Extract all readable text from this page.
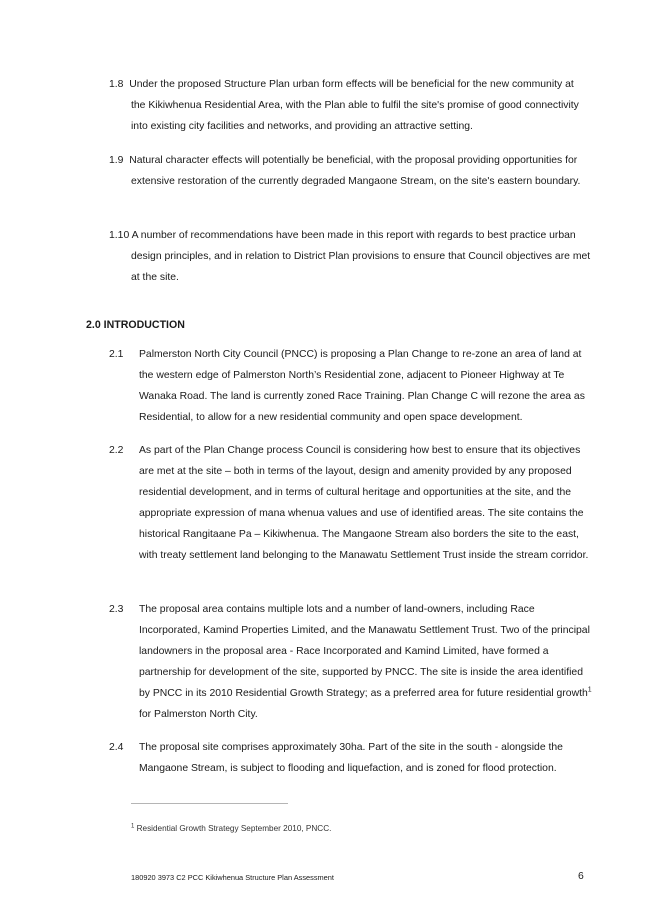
1.8 Under the proposed Structure Plan urban form effects will be beneficial for the new community at the Kikiwhenua Residential Area, with the Plan able to fulfil the site's promise of good connectivity into existing city facilities and networks, and providing an attractive setting.
1.9 Natural character effects will potentially be beneficial, with the proposal providing opportunities for extensive restoration of the currently degraded Mangaone Stream, on the site's eastern boundary.
1.10 A number of recommendations have been made in this report with regards to best practice urban design principles, and in relation to District Plan provisions to ensure that Council objectives are met at the site.
2.0 INTRODUCTION
2.1 Palmerston North City Council (PNCC) is proposing a Plan Change to re-zone an area of land at the western edge of Palmerston North’s Residential zone, adjacent to Pioneer Highway at Te Wanaka Road. The land is currently zoned Race Training. Plan Change C will rezone the area as Residential, to allow for a new residential community and open space development.
2.2 As part of the Plan Change process Council is considering how best to ensure that its objectives are met at the site – both in terms of the layout, design and amenity provided by any proposed residential development, and in terms of cultural heritage and opportunities at the site, and the appropriate expression of mana whenua values and use of identified areas. The site contains the historical Rangitaane Pa – Kikiwhenua. The Mangaone Stream also borders the site to the east, with treaty settlement land belonging to the Manawatu Settlement Trust inside the stream corridor.
2.3 The proposal area contains multiple lots and a number of land-owners, including Race Incorporated, Kamind Properties Limited, and the Manawatu Settlement Trust. Two of the principal landowners in the proposal area - Race Incorporated and Kamind Limited, have formed a partnership for development of the site, supported by PNCC. The site is inside the area identified by PNCC in its 2010 Residential Growth Strategy; as a preferred area for future residential growth$^1$ for Palmerston North City.
2.4 The proposal site comprises approximately 30ha. Part of the site in the south - alongside the Mangaone Stream, is subject to flooding and liquefaction, and is zoned for flood protection.
$^1$ Residential Growth Strategy September 2010, PNCC.
180920 3973 C2 PCC Kikiwhenua Structure Plan Assessment	6
